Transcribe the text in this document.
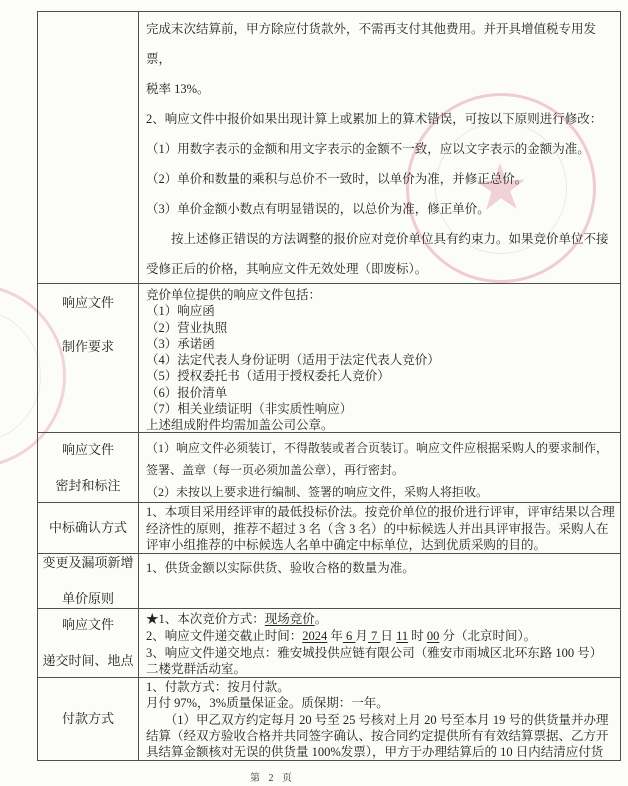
★
完成末次结算前，甲方除应付货款外，不需再支付其他费用。并开具增值税专用发票，
税率 13%。
2、响应文件中报价如果出现计算上或累加上的算术错误，可按以下原则进行修改：
（1）用数字表示的金额和用文字表示的金额不一致，应以文字表示的金额为准。
（2）单价和数量的乘积与总价不一致时，以单价为准，并修正总价。
（3）单价金额小数点有明显错误的，以总价为准，修正单价。
　　按上述修正错误的方法调整的报价应对竞价单位具有约束力。如果竞价单位不接
受修正后的价格，其响应文件无效处理（即废标）。
响应文件
制作要求
竞价单位提供的响应文件包括：
（1）响应函
（2）营业执照
（3）承诺函
（4）法定代表人身份证明（适用于法定代表人竞价）
（5）授权委托书（适用于授权委托人竞价）
（6）报价清单
（7）相关业绩证明（非实质性响应）
上述组成附件均需加盖公司公章。
响应文件
密封和标注
（1）响应文件必须装订，不得散装或者合页装订。响应文件应根据采购人的要求制作，
签署、盖章（每一页必须加盖公章），再行密封。
（2）未按以上要求进行编制、签署的响应文件，采购人将拒收。
中标确认方式
1、本项目采用经评审的最低投标价法。按竞价单位的报价进行评审，评审结果以合理
经济性的原则，推荐不超过 3 名（含 3 名）的中标候选人并出具评审报告。采购人在
评审小组推荐的中标候选人名单中确定中标单位，达到优质采购的目的。
变更及漏项新增
单价原则
1、供货金额以实际供货、验收合格的数量为准。
响应文件
递交时间、地点
★1、本次竞价方式：现场竞价。
2、响应文件递交截止时间：2024 年 6 月 7 日 11 时 00 分（北京时间）。
3、响应文件递交地点：雅安城投供应链有限公司（雅安市雨城区北环东路 100 号）
二楼党群活动室。
付款方式
1、付款方式：按月付款。
月付 97%，3%质量保证金。质保期：一年。
　　（1）甲乙双方约定每月 20 号至 25 号核对上月 20 号至本月 19 号的供货量并办理
结算（经双方验收合格并共同签字确认、按合同约定提供所有有效结算票据、乙方开
具结算金额核对无误的供货量 100%发票），甲方于办理结算后的 10 日内结清应付货
第 2 页
